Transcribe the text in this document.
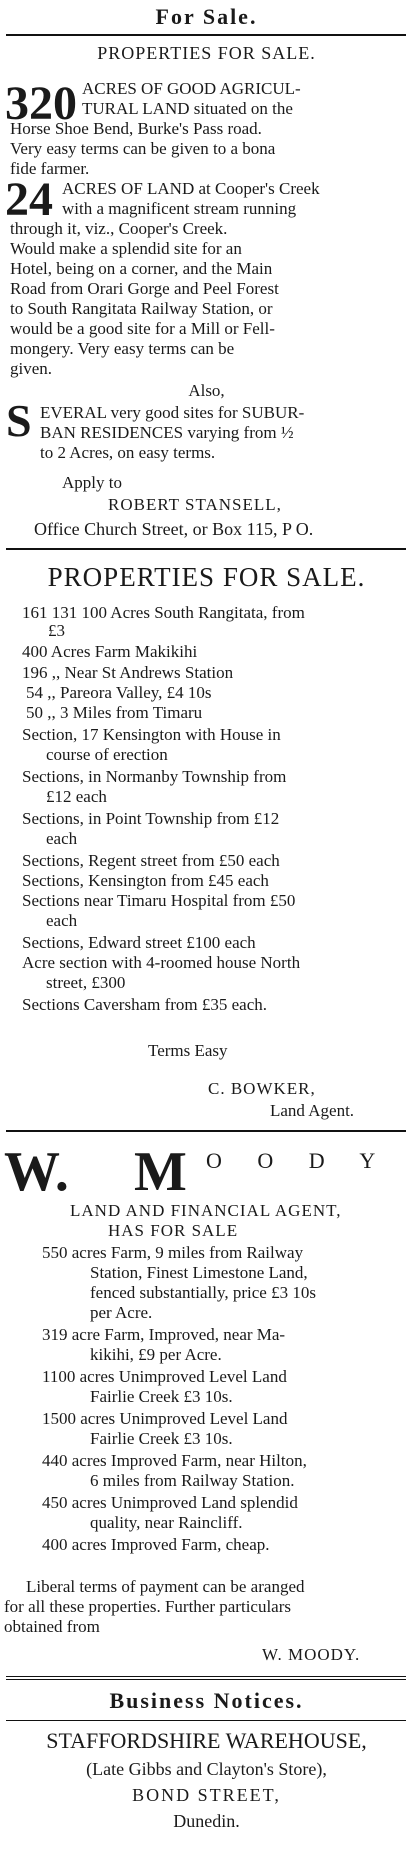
For Sale.
PROPERTIES FOR SALE.
320 ACRES OF GOOD AGRICUL-
TURAL LAND situated on the
Horse Shoe Bend, Burke's Pass road.
Very easy terms can be given to a bona
fide farmer.
24 ACRES OF LAND at Cooper's Creek
with a magnificent stream running
through it, viz., Cooper's Creek.
Would make a splendid site for an
Hotel, being on a corner, and the Main
Road from Orari Gorge and Peel Forest
to South Rangitata Railway Station, or
would be a good site for a Mill or Fell-
mongery. Very easy terms can be
given.
Also,
S EVERAL very good sites for SUBUR-
BAN RESIDENCES varying from ½
to 2 Acres, on easy terms.
Apply to
ROBERT STANSELL,
Office Church Street, or Box 115, P O.
PROPERTIES FOR SALE.
161 131 100 Acres South Rangitata, from
£3
400 Acres Farm Makikihi
196 ,, Near St Andrews Station
54 ,, Pareora Valley, £4 10s
50 ,, 3 Miles from Timaru
Section, 17 Kensington with House in
course of erection
Sections, in Normanby Township from
£12 each
Sections, in Point Township from £12
each
Sections, Regent street from £50 each
Sections, Kensington from £45 each
Sections near Timaru Hospital from £50
each
Sections, Edward street £100 each
Acre section with 4-roomed house North
street, £300
Sections Caversham from £35 each.
Terms Easy
C. BOWKER,
Land Agent.
W. M O O D Y
LAND AND FINANCIAL AGENT,
HAS FOR SALE
550 acres Farm, 9 miles from Railway
Station, Finest Limestone Land,
fenced substantially, price £3 10s
per Acre.
319 acre Farm, Improved, near Ma-
kikihi, £9 per Acre.
1100 acres Unimproved Level Land
Fairlie Creek £3 10s.
1500 acres Unimproved Level Land
Fairlie Creek £3 10s.
440 acres Improved Farm, near Hilton,
6 miles from Railway Station.
450 acres Unimproved Land splendid
quality, near Raincliff.
400 acres Improved Farm, cheap.
Liberal terms of payment can be aranged
for all these properties. Further particulars
obtained from
W. MOODY.
Business Notices.
STAFFORDSHIRE WAREHOUSE,
(Late Gibbs and Clayton's Store),
BOND STREET,
Dunedin.
